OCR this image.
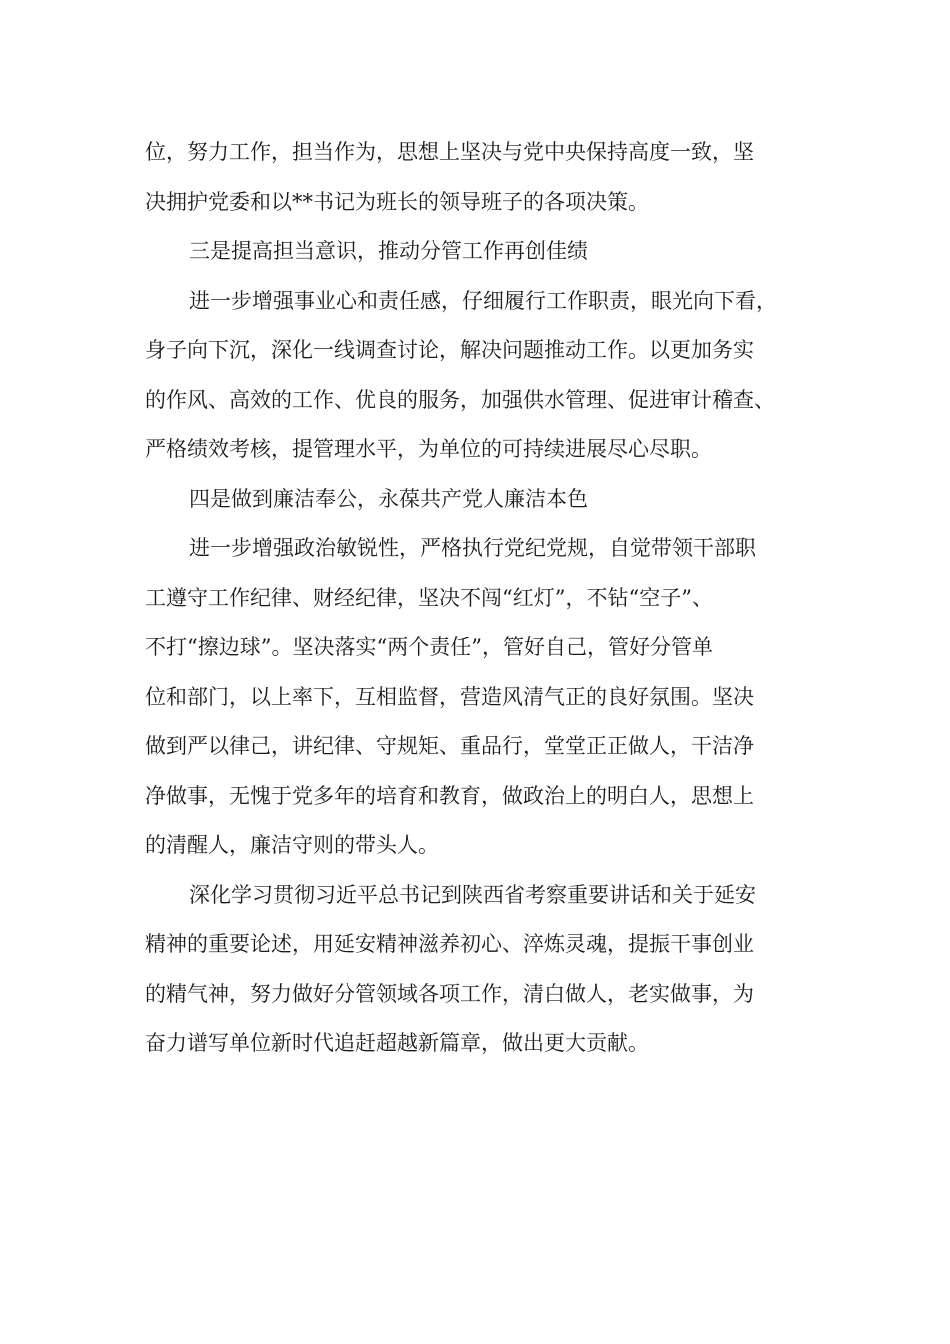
位，努力工作，担当作为，思想上坚决与党中央保持高度一致，坚
决拥护党委和以**书记为班长的领导班子的各项决策。
三是提高担当意识，推动分管工作再创佳绩
进一步增强事业心和责任感，仔细履行工作职责，眼光向下看，
身子向下沉，深化一线调查讨论，解决问题推动工作。以更加务实
的作风、高效的工作、优良的服务，加强供水管理、促进审计稽查、
严格绩效考核，提管理水平，为单位的可持续进展尽心尽职。
四是做到廉洁奉公，永葆共产党人廉洁本色
进一步增强政治敏锐性，严格执行党纪党规，自觉带领干部职
工遵守工作纪律、财经纪律，坚决不闯“红灯”，不钻“空子”、
不打“擦边球”。坚决落实“两个责任”，管好自己，管好分管单
位和部门，以上率下，互相监督，营造风清气正的良好氛围。坚决
做到严以律己，讲纪律、守规矩、重品行，堂堂正正做人，干洁净
净做事，无愧于党多年的培育和教育，做政治上的明白人，思想上
的清醒人，廉洁守则的带头人。
深化学习贯彻习近平总书记到陕西省考察重要讲话和关于延安
精神的重要论述，用延安精神滋养初心、淬炼灵魂，提振干事创业
的精气神，努力做好分管领域各项工作，清白做人，老实做事，为
奋力谱写单位新时代追赶超越新篇章，做出更大贡献。
